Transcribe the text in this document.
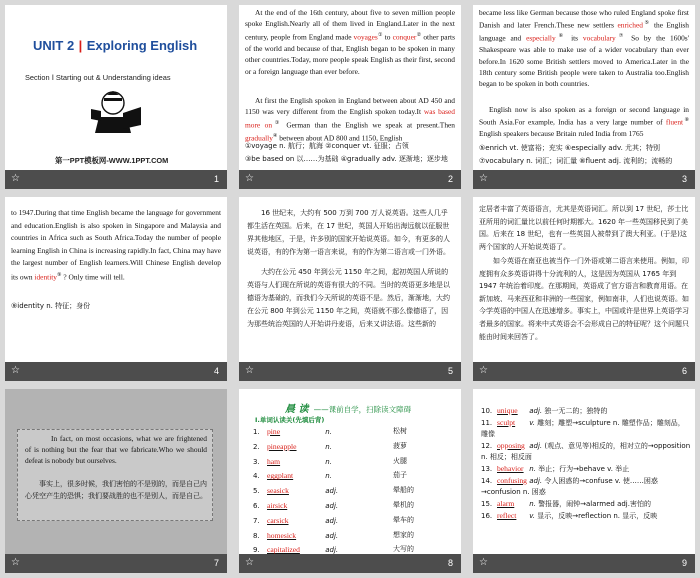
UNIT 2 | Exploring English
Section Ⅰ Starting out & Understanding ideas
第一PPT模板网-WWW.1PPT.COM
☆	1
At the end of the 16th century, about five to seven million people spoke English.Nearly all of them lived in England.Later in the next century, people from England made voyages① to conquer② other parts of the world and because of that, English began to be spoken in many other countries.Today, more people speak English as their first, second or a foreign language than ever before.
At first the English spoken in England between about AD 450 and 1150 was very different from the English spoken today.It was based more on③ German than the English we speak at present.Then gradually④ between about AD 800 and 1150, English
①voyage n. 航行；航海 ②conquer vt. 征服；占领
③be based on 以……为基础 ④gradually adv. 逐渐地；逐步地
☆	2
became less like German because those who ruled England spoke first Danish and later French.These new settlers enriched⑤ the English language and especially⑥ its vocabulary⑦ So by the 1600s' Shakespeare was able to make use of a wider vocabulary than ever before.In 1620 some British settlers moved to America.Later in the 18th century some British people were taken to Australia too.English began to be spoken in both countries.
English now is also spoken as a foreign or second language in South Asia.For example, India has a very large number of fluent⑧ English speakers because Britain ruled India from 1765
⑤enrich vt. 使富裕；充实 ⑥especially adv. 尤其；特别
⑦vocabulary n. 词汇；词汇量 ⑧fluent adj. 流利的；流畅的
☆	3
to 1947.During that time English became the language for government and education.English is also spoken in Singapore and Malaysia and countries in Africa such as South Africa.Today the number of people learning English in China is increasing rapidly.In fact, China may have the largest number of English learners.Will Chinese English develop its own identity⑨ ? Only time will tell.
⑨identity n. 特征；身份
☆	4
16 世纪末，大约有 500 万到 700 万人说英语。这些人几乎都生活在英国。后来，在 17 世纪，英国人开始出海远航以征服世界其他地区，于是，许多别的国家开始说英语。如今，有更多的人说英语，有的作为第一语言来说，有的作为第二语言或一门外语。
大约在公元 450 年到公元 1150 年之间，起初英国人所说的英语与人们现在所说的英语有很大的不同。当时的英语更多地是以德语为基础的，而我们今天所说的英语不是。然后，渐渐地，大约在公元 800 年到公元 1150 年之间，英语就不那么像德语了，因为那些统治英国的人开始讲丹麦语，后来又讲法语。这些新的
☆	5
定居者丰富了英语语言，尤其是英语词汇。所以到 17 世纪，莎士比亚所用的词汇量比以前任何时期都大。1620 年一些英国移民到了美国。后来在 18 世纪，也有一些英国人被带到了澳大利亚。(于是)这两个国家的人开始说英语了。
如今英语在南亚也被当作一门外语或第二语言来使用。例如，印度拥有众多英语讲得十分流利的人，这是因为英国从 1765 年到 1947 年统治着印度。在那期间，英语成了官方语言和教育用语。在新加坡、马来西亚和非洲的一些国家，例如南非，人们也说英语。如今学英语的中国人在迅速增多。事实上，中国或许是世界上英语学习者最多的国家。将来中式英语会不会形成自己的特征呢？这个问题只能由时间来回答了。
☆	6
In fact, on most occasions, what we are frightened of is nothing but the fear that we fabricate.Who we should defeat is nobody but ourselves.
事实上，很多时候，我们害怕的不是别的，而是自己内心凭空产生的恐惧；我们要战胜的也不是别人，而是自己。
☆	7
晨 读 ——课前自学，扫除读文障碍
Ⅰ.单词认读关(先填后背)
1. pine	n.	松树
2. pineapple	n.	菠萝
3. ham	n.	火腿
4. eggplant	n.	茄子
5. seasick	adj.	晕船的
6. airsick	adj.	晕机的
7. carsick	adj.	晕车的
8. homesick	adj.	想家的
9. capitalized	adj.	大写的
☆	8
10. unique adj. 独一无二的；独特的
11. sculpt v. 雕刻；雕塑→sculpture n. 雕塑作品；雕刻品，雕像
12. opposing adj. (观点、意见等)相反的，相对立的→opposition n. 相反；相反面
13. behavior n. 举止；行为→behave v. 举止
14. confusing adj. 令人困惑的→confuse v. 使……困惑→confusion n. 困惑
15. alarm n. 警报器，闹钟→alarmed adj.害怕的
16. reflect v. 显示，反映→reflection n. 显示，反映
☆	9
